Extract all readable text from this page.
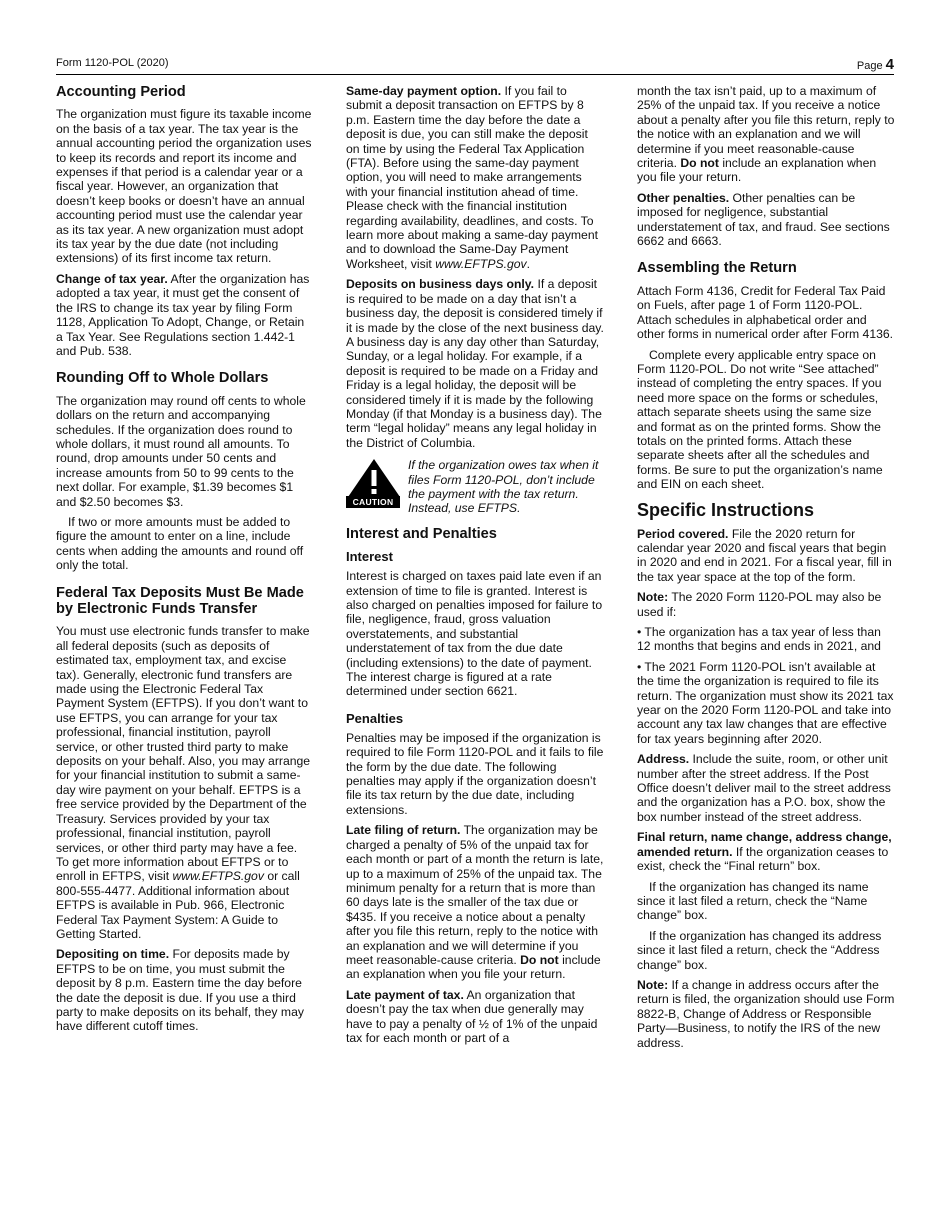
Form 1120-POL (2020)	Page 4
Accounting Period

The organization must figure its taxable income on the basis of a tax year. The tax year is the annual accounting period the organization uses to keep its records and report its income and expenses if that period is a calendar year or a fiscal year. However, an organization that doesn’t keep books or doesn’t have an annual accounting period must use the calendar year as its tax year. A new organization must adopt its tax year by the due date (not including extensions) of its first income tax return.

Change of tax year. After the organization has adopted a tax year, it must get the consent of the IRS to change its tax year by filing Form 1128, Application To Adopt, Change, or Retain a Tax Year. See Regulations section 1.442-1 and Pub. 538.

Rounding Off to Whole Dollars

The organization may round off cents to whole dollars on the return and accompanying schedules. If the organization does round to whole dollars, it must round all amounts. To round, drop amounts under 50 cents and increase amounts from 50 to 99 cents to the next dollar. For example, $1.39 becomes $1 and $2.50 becomes $3.

If two or more amounts must be added to figure the amount to enter on a line, include cents when adding the amounts and round off only the total.

Federal Tax Deposits Must Be Made by Electronic Funds Transfer

You must use electronic funds transfer to make all federal deposits (such as deposits of estimated tax, employment tax, and excise tax). Generally, electronic fund transfers are made using the Electronic Federal Tax Payment System (EFTPS). If you don’t want to use EFTPS, you can arrange for your tax professional, financial institution, payroll service, or other trusted third party to make deposits on your behalf. Also, you may arrange for your financial institution to submit a same-day wire payment on your behalf. EFTPS is a free service provided by the Department of the Treasury. Services provided by your tax professional, financial institution, payroll services, or other third party may have a fee. To get more information about EFTPS or to enroll in EFTPS, visit www.EFTPS.gov or call 800-555-4477. Additional information about EFTPS is available in Pub. 966, Electronic Federal Tax Payment System: A Guide to Getting Started.

Depositing on time. For deposits made by EFTPS to be on time, you must submit the deposit by 8 p.m. Eastern time the day before the date the deposit is due. If you use a third party to make deposits on its behalf, they may have different cutoff times.

Same-day payment option. If you fail to submit a deposit transaction on EFTPS by 8 p.m. Eastern time the day before the date a deposit is due, you can still make the deposit on time by using the Federal Tax Application (FTA). Before using the same-day payment option, you will need to make arrangements with your financial institution ahead of time. Please check with the financial institution regarding availability, deadlines, and costs. To learn more about making a same-day payment and to download the Same-Day Payment Worksheet, visit www.EFTPS.gov.

Deposits on business days only. If a deposit is required to be made on a day that isn’t a business day, the deposit is considered timely if it is made by the close of the next business day. A business day is any day other than Saturday, Sunday, or a legal holiday. For example, if a deposit is required to be made on a Friday and Friday is a legal holiday, the deposit will be considered timely if it is made by the following Monday (if that Monday is a business day). The term “legal holiday” means any legal holiday in the District of Columbia.

CAUTION
If the organization owes tax when it files Form 1120-POL, don’t include the payment with the tax return. Instead, use EFTPS.
Interest and Penalties
Interest

Interest is charged on taxes paid late even if an extension of time to file is granted. Interest is also charged on penalties imposed for failure to file, negligence, fraud, gross valuation overstatements, and substantial understatement of tax from the due date (including extensions) to the date of payment. The interest charge is figured at a rate determined under section 6621.

Penalties

Penalties may be imposed if the organization is required to file Form 1120-POL and it fails to file the form by the due date. The following penalties may apply if the organization doesn’t file its tax return by the due date, including extensions.

Late filing of return. The organization may be charged a penalty of 5% of the unpaid tax for each month or part of a month the return is late, up to a maximum of 25% of the unpaid tax. The minimum penalty for a return that is more than 60 days late is the smaller of the tax due or $435. If you receive a notice about a penalty after you file this return, reply to the notice with an explanation and we will determine if you meet reasonable-cause criteria. Do not include an explanation when you file your return.

Late payment of tax. An organization that doesn’t pay the tax when due generally may have to pay a penalty of ½ of 1% of the unpaid tax for each month or part of a

month the tax isn’t paid, up to a maximum of 25% of the unpaid tax. If you receive a notice about a penalty after you file this return, reply to the notice with an explanation and we will determine if you meet reasonable-cause criteria. Do not include an explanation when you file your return.

Other penalties. Other penalties can be imposed for negligence, substantial understatement of tax, and fraud. See sections 6662 and 6663.

Assembling the Return

Attach Form 4136, Credit for Federal Tax Paid on Fuels, after page 1 of Form 1120-POL. Attach schedules in alphabetical order and other forms in numerical order after Form 4136.

Complete every applicable entry space on Form 1120-POL. Do not write “See attached” instead of completing the entry spaces. If you need more space on the forms or schedules, attach separate sheets using the same size and format as on the printed forms. Show the totals on the printed forms. Attach these separate sheets after all the schedules and forms. Be sure to put the organization’s name and EIN on each sheet.

Specific Instructions

Period covered. File the 2020 return for calendar year 2020 and fiscal years that begin in 2020 and end in 2021. For a fiscal year, fill in the tax year space at the top of the form.

Note: The 2020 Form 1120-POL may also be used if:

• The organization has a tax year of less than 12 months that begins and ends in 2021, and

• The 2021 Form 1120-POL isn’t available at the time the organization is required to file its return. The organization must show its 2021 tax year on the 2020 Form 1120-POL and take into account any tax law changes that are effective for tax years beginning after 2020.

Address. Include the suite, room, or other unit number after the street address. If the Post Office doesn’t deliver mail to the street address and the organization has a P.O. box, show the box number instead of the street address.

Final return, name change, address change, amended return. If the organization ceases to exist, check the “Final return” box.

If the organization has changed its name since it last filed a return, check the “Name change” box.

If the organization has changed its address since it last filed a return, check the “Address change” box.

Note: If a change in address occurs after the return is filed, the organization should use Form 8822-B, Change of Address or Responsible Party—Business, to notify the IRS of the new address.
